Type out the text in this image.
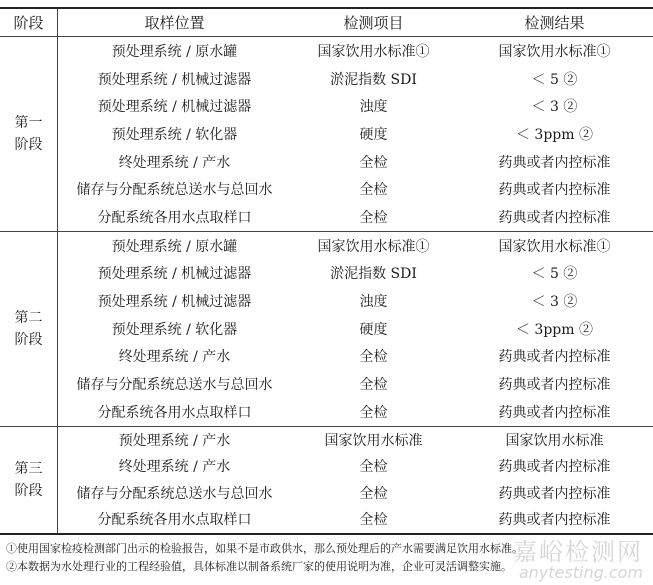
阶段	取样位置	检测项目	检测结果
第一
阶段	预处理系统 / 原水罐	国家饮用水标准①	国家饮用水标准①
	预处理系统 / 机械过滤器	淤泥指数 SDI	＜ 5 ②
	预处理系统 / 机械过滤器	浊度	＜ 3 ②
	预处理系统 / 软化器	硬度	＜ 3ppm ②
	终处理系统 / 产水	全检	药典或者内控标准
	储存与分配系统总送水与总回水	全检	药典或者内控标准
	分配系统各用水点取样口	全检	药典或者内控标准
第二
阶段	预处理系统 / 原水罐	国家饮用水标准①	国家饮用水标准①
	预处理系统 / 机械过滤器	淤泥指数 SDI	＜ 5 ②
	预处理系统 / 机械过滤器	浊度	＜ 3 ②
	预处理系统 / 软化器	硬度	＜ 3ppm ②
	终处理系统 / 产水	全检	药典或者内控标准
	储存与分配系统总送水与总回水	全检	药典或者内控标准
	分配系统各用水点取样口	全检	药典或者内控标准
第三
阶段	预处理系统 / 产水	国家饮用水标准	国家饮用水标准
	终处理系统 / 产水	全检	药典或者内控标准
	储存与分配系统总送水与总回水	全检	药典或者内控标准
	分配系统各用水点取样口	全检	药典或者内控标准
①使用国家检疫检测部门出示的检验报告，如果不是市政供水，那么预处理后的产水需要满足饮用水标准。
②本数据为水处理行业的工程经验值，具体标准以制备系统厂家的使用说明为准，企业可灵活调整实施。
嘉峪检测网
anytesting.com
